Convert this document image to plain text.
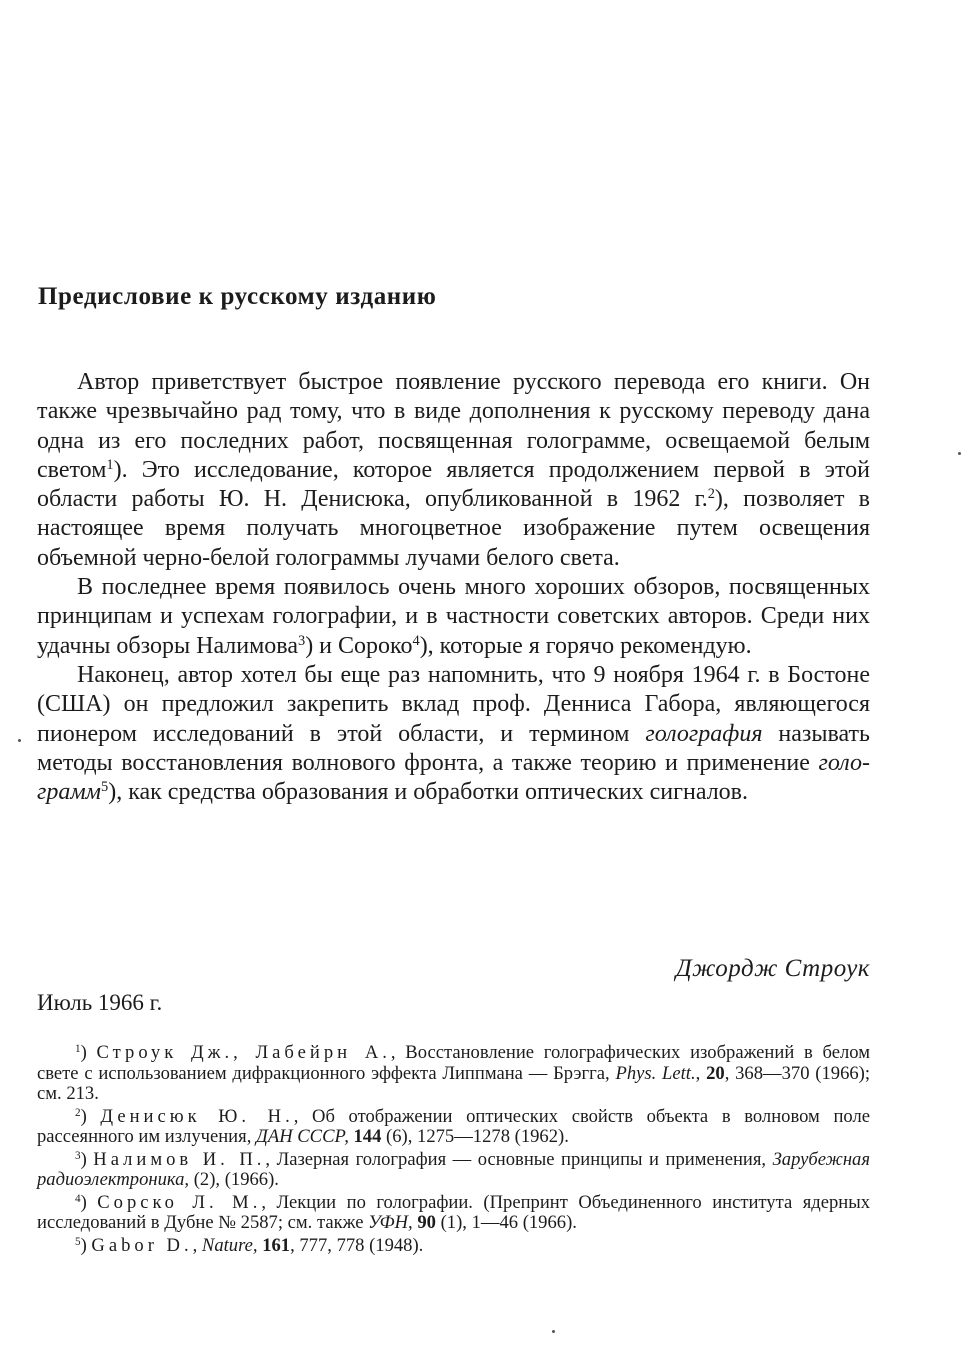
Предисловие к русскому изданию

Автор приветствует быстрое появление русского перевода его книги. Он также чрезвычайно рад тому, что в виде дополнения к русскому переводу дана одна из его последних работ, посвященная голограмме, освещаемой белым светом$^1$). Это исследование, которое является продолжением первой в этой области работы Ю. Н. Денисюка, опубликованной в 1962 г.$^2$), позволяет в настоящее время получать многоцветное изображение путем освещения объемной черно-белой голограммы лучами белого света.

В последнее время появилось очень много хороших обзоров, посвященных принципам и успехам голографии, и в частности советских авторов. Среди них удачны обзоры Налимова$^3$) и Сороко$^4$), которые я горячо рекомендую.

Наконец, автор хотел бы еще раз напомнить, что 9 ноября 1964 г. в Бостоне (США) он предложил закрепить вклад проф. Денниса Габора, являющегося пионером исследований в этой области, и термином голография называть методы восстановления волнового фронта, а также теорию и применение голограмм$^5$), как средства образования и обработки оптических сигналов.

Джордж Строук
Июль 1966 г.

$^1$) Строук Дж., Лабейрн А., Восстановление голографических изображений в белом свете с использованием дифракционного эффекта Липпмана — Брэгга, Phys. Lett., 20, 368—370 (1966); см. 213.

$^2$) Денисюк Ю. Н., Об отображении оптических свойств объекта в волновом поле рассеянного им излучения, ДАН СССР, 144 (6), 1275—1278 (1962).

$^3$) Налимов И. П., Лазерная голография — основные принципы и применения, Зарубежная радиоэлектроника, (2), (1966).

$^4$) Сорско Л. М., Лекции по голографии. (Препринт Объединенного института ядерных исследований в Дубне № 2587; см. также УФН, 90 (1), 1—46 (1966).

$^5$) Gabor D., Nature, 161, 777, 778 (1948).
